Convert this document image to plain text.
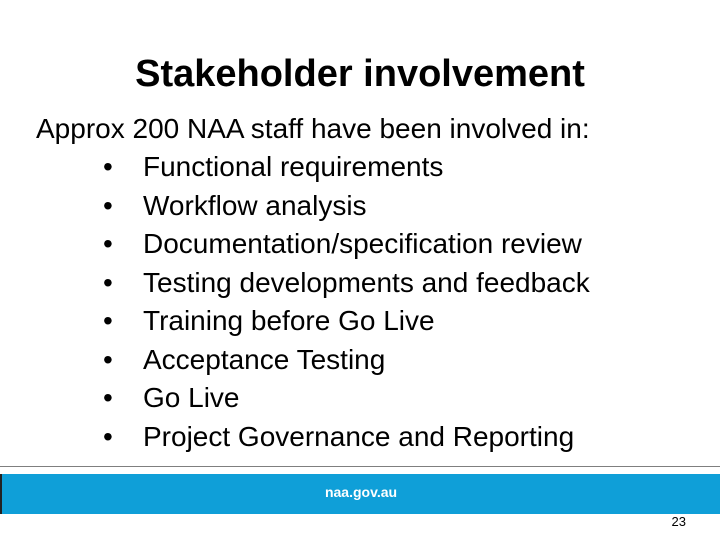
Stakeholder involvement
Approx 200 NAA staff have been involved in:
•	Functional requirements
•	Workflow analysis
•	Documentation/specification review
•	Testing developments and feedback
•	Training before Go Live
•	Acceptance Testing
•	Go Live
•	Project Governance and Reporting
naa.gov.au
23
